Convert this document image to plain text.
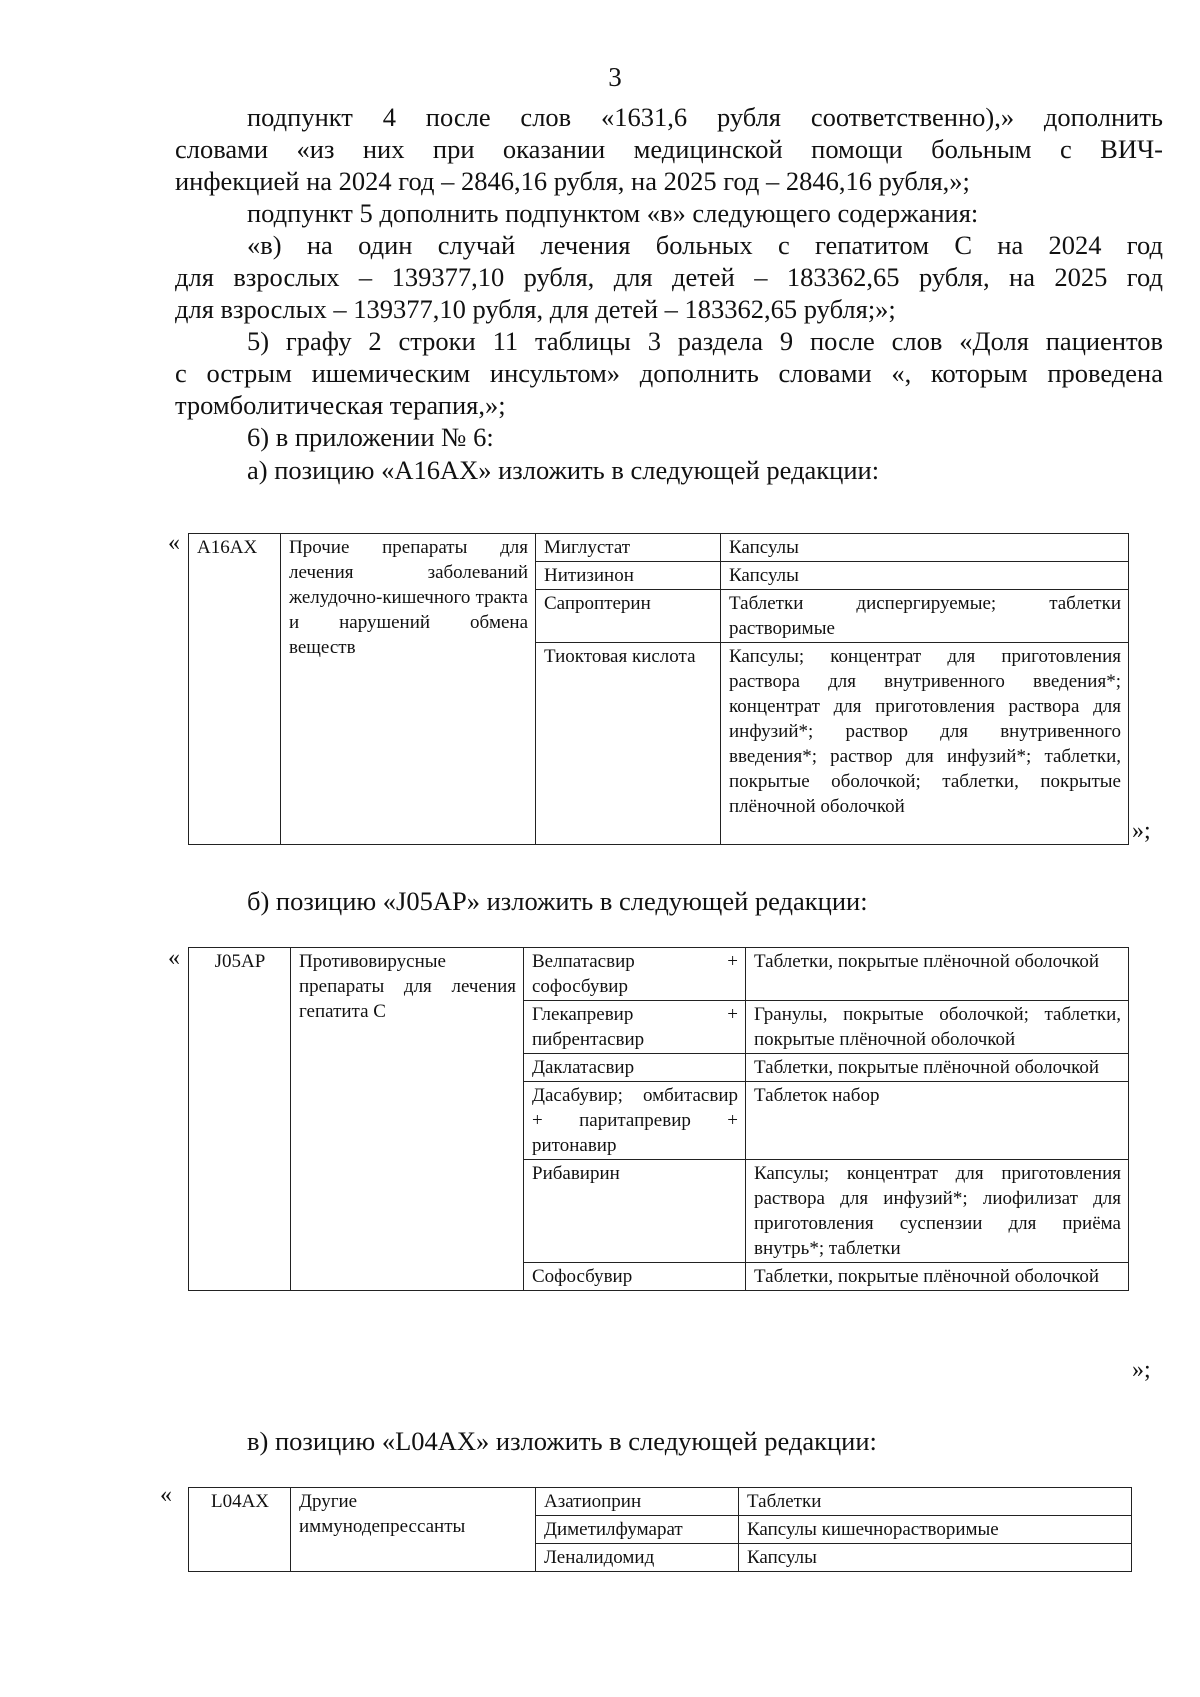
3
подпункт 4 после слов «1631,6 рубля соответственно),» дополнить
словами «из них при оказании медицинской помощи больным с ВИЧ-
инфекцией на 2024 год – 2846,16 рубля, на 2025 год – 2846,16 рубля,»;
подпункт 5 дополнить подпунктом «в» следующего содержания:
«в) на один случай лечения больных с гепатитом С на 2024 год
для взрослых – 139377,10 рубля, для детей – 183362,65 рубля, на 2025 год
для взрослых – 139377,10 рубля, для детей – 183362,65 рубля;»;
5) графу 2 строки 11 таблицы 3 раздела 9 после слов «Доля пациентов
с острым ишемическим инсультом» дополнить словами «, которым проведена
тромболитическая терапия,»;
6) в приложении № 6:
а) позицию «A16AX» изложить в следующей редакции:
« A16AX	Прочие препараты для лечения заболеваний желудочно-кишечного тракта и нарушений обмена веществ	Миглустат	Капсулы
		Нитизинон	Капсулы
		Сапроптерин	Таблетки диспергируемые; таблетки растворимые
		Тиоктовая кислота	Капсулы; концентрат для приготовления раствора для внутривенного введения*; концентрат для приготовления раствора для инфузий*; раствор для внутривенного введения*; раствор для инфузий*; таблетки, покрытые оболочкой; таблетки, покрытые плёночной оболочкой
»;
б) позицию «J05AP» изложить в следующей редакции:
« J05AP	Противовирусные препараты для лечения гепатита С	Велпатасвир + софосбувир	Таблетки, покрытые плёночной оболочкой
		Глекапревир + пибрентасвир	Гранулы, покрытые оболочкой; таблетки, покрытые плёночной оболочкой
		Даклатасвир	Таблетки, покрытые плёночной оболочкой
		Дасабувир; омбитасвир + паритапревир + ритонавир	Таблеток набор
		Рибавирин	Капсулы; концентрат для приготовления раствора для инфузий*; лиофилизат для приготовления суспензии для приёма внутрь*; таблетки
		Софосбувир	Таблетки, покрытые плёночной оболочкой
»;
в) позицию «L04AX» изложить в следующей редакции:
« L04AX	Другие иммунодепрессанты	Азатиоприн	Таблетки
		Диметилфумарат	Капсулы кишечнорастворимые
		Леналидомид	Капсулы
